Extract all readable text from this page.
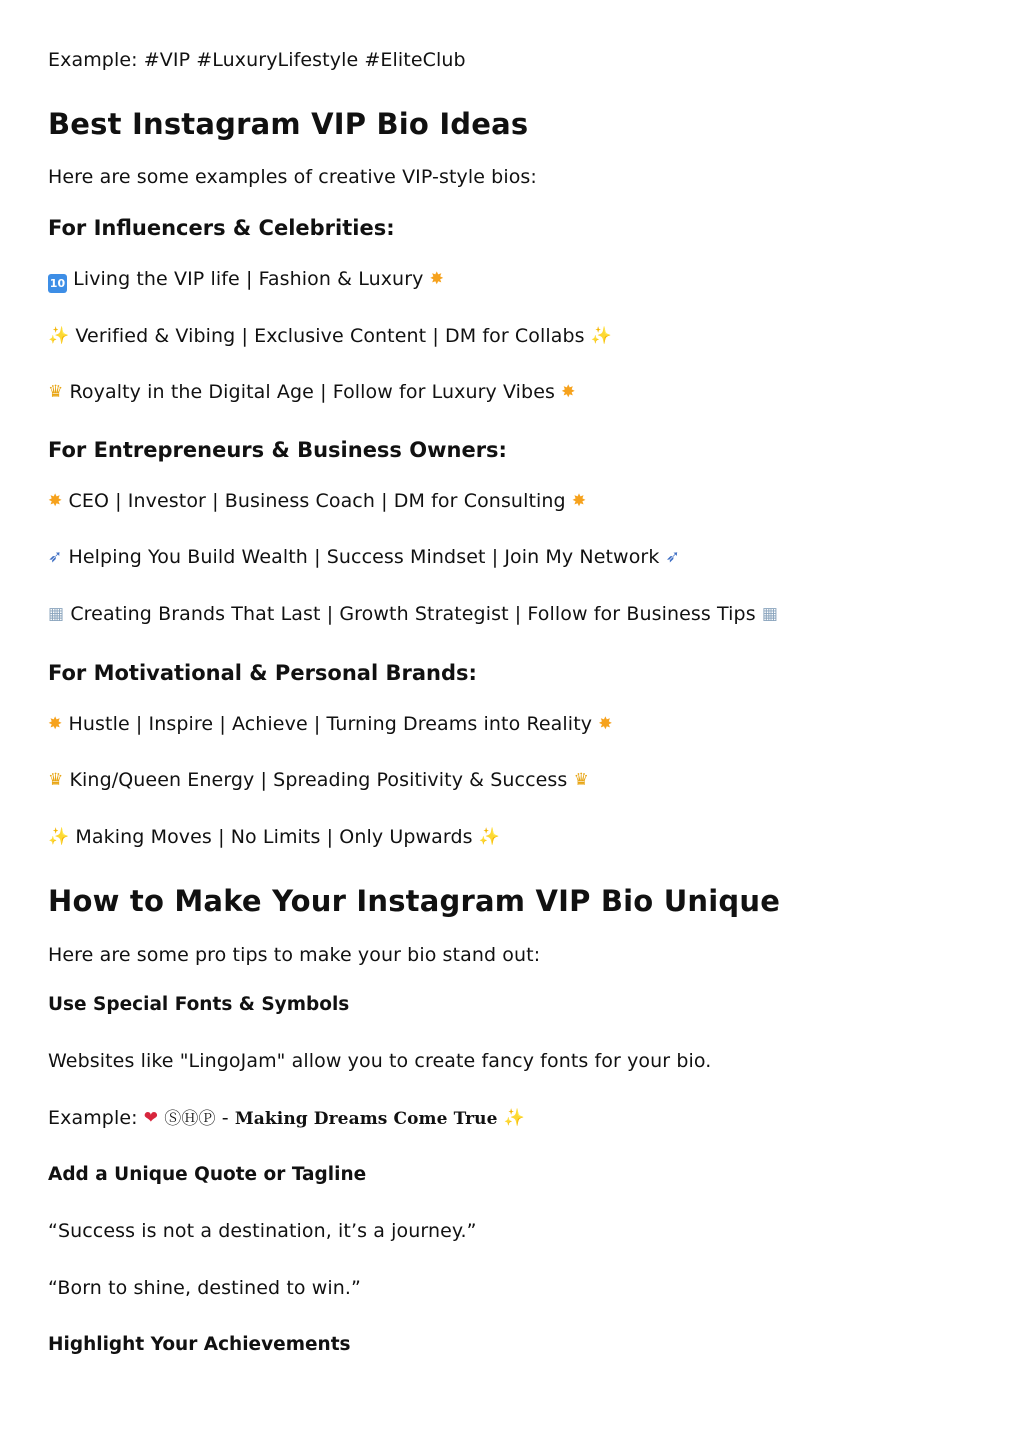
Example: #VIP #LuxuryLifestyle #EliteClub
Best Instagram VIP Bio Ideas
Here are some examples of creative VIP-style bios:
For Influencers & Celebrities:
10 Living the VIP life | Fashion & Luxury ✸
✨ Verified & Vibing | Exclusive Content | DM for Collabs ✨
♛ Royalty in the Digital Age | Follow for Luxury Vibes ✸
For Entrepreneurs & Business Owners:
✸ CEO | Investor | Business Coach | DM for Consulting ✸
➶ Helping You Build Wealth | Success Mindset | Join My Network ➶
▦ Creating Brands That Last | Growth Strategist | Follow for Business Tips ▦
For Motivational & Personal Brands:
✸ Hustle | Inspire | Achieve | Turning Dreams into Reality ✸
♛ King/Queen Energy | Spreading Positivity & Success ♛
✨ Making Moves | No Limits | Only Upwards ✨
How to Make Your Instagram VIP Bio Unique
Here are some pro tips to make your bio stand out:
Use Special Fonts & Symbols
Websites like "LingoJam" allow you to create fancy fonts for your bio.
Example: ❤ ⓈⒽⓅ - Making Dreams Come True ✨
Add a Unique Quote or Tagline
“Success is not a destination, it’s a journey.”
“Born to shine, destined to win.”
Highlight Your Achievements
